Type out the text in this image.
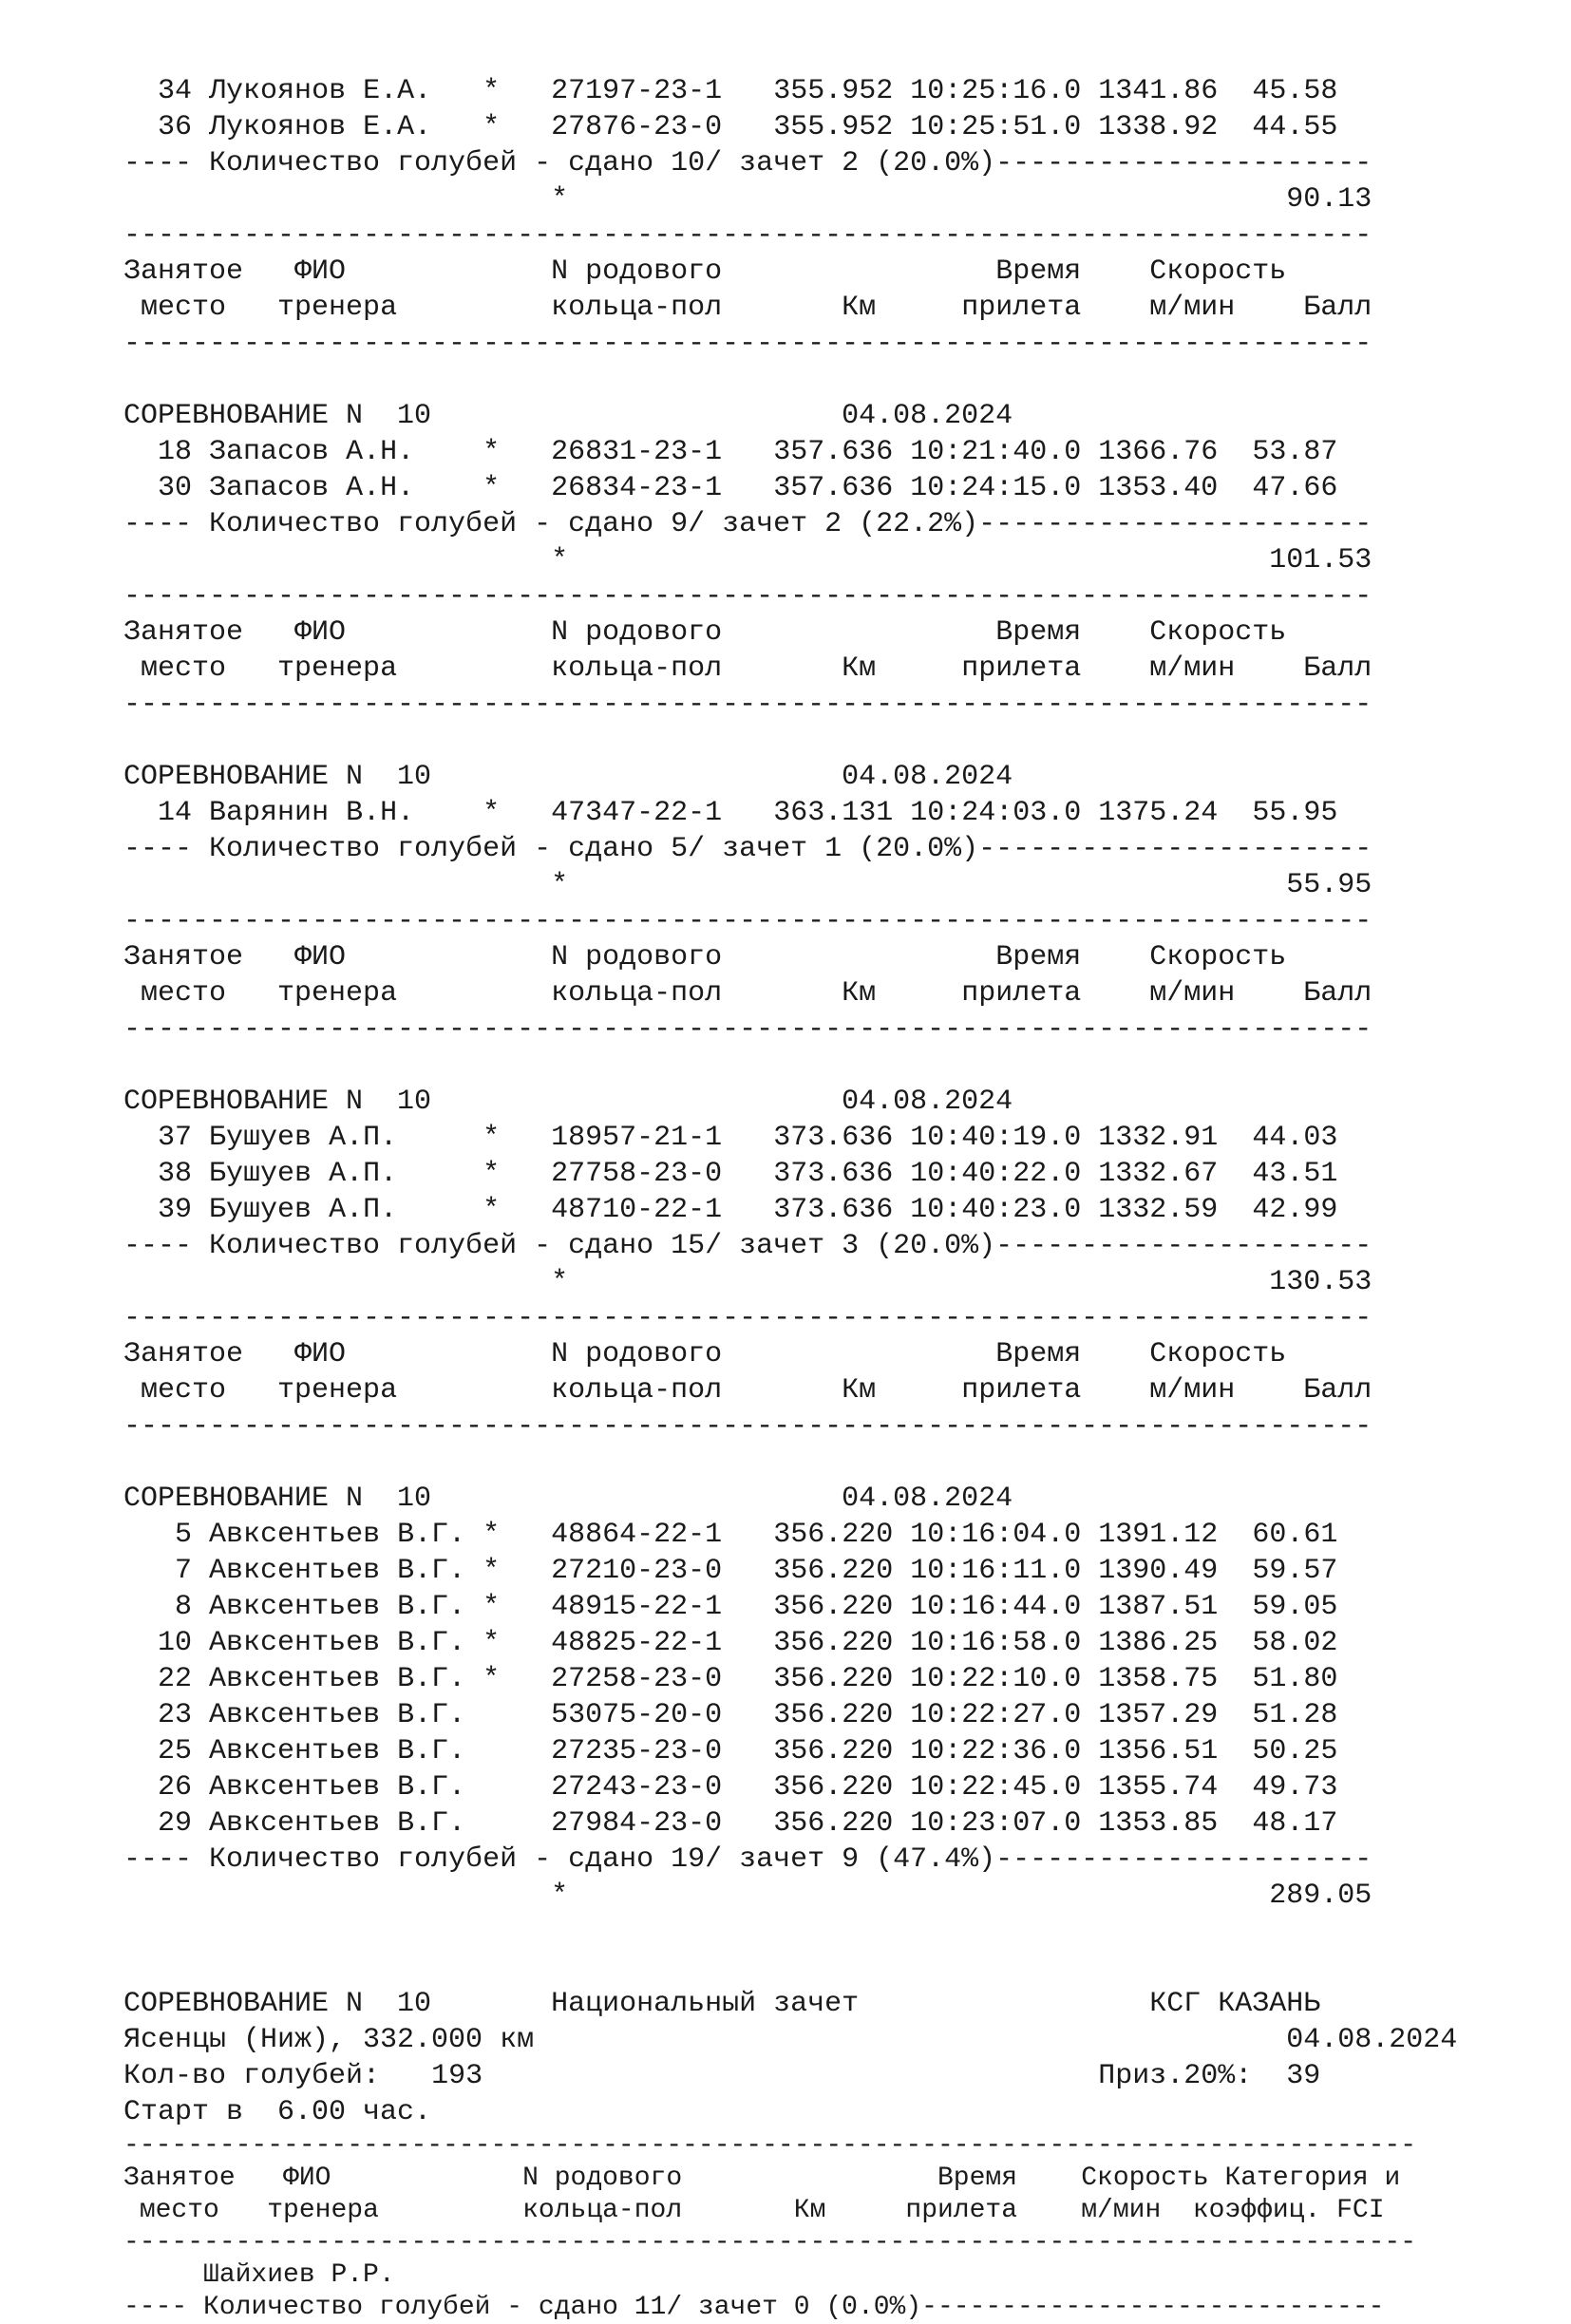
34 Лукоянов Е.А. * 27197-23-1 355.952 10:25:16.0 1341.86 45.58
36 Лукоянов Е.А. * 27876-23-0 355.952 10:25:51.0 1338.92 44.55
---- Количество голубей - сдано 10/ зачет 2 (20.0%)----------------------
*	90.13
-------------------------------------------------------------------------
Занятое ФИО	N родового	Время Скорость
место тренера	кольца-пол	Км	прилета м/мин Балл
-------------------------------------------------------------------------
СОРЕВНОВАНИЕ N  10	04.08.2024
18 Запасов А.Н. * 26831-23-1 357.636 10:21:40.0 1366.76 53.87
30 Запасов А.Н. * 26834-23-1 357.636 10:24:15.0 1353.40 47.66
---- Количество голубей - сдано 9/ зачет 2 (22.2%)-----------------------
*	101.53
-------------------------------------------------------------------------
Занятое ФИО	N родового	Время Скорость
место тренера	кольца-пол	Км	прилета м/мин Балл
-------------------------------------------------------------------------
СОРЕВНОВАНИЕ N  10	04.08.2024
14 Варянин В.Н. * 47347-22-1 363.131 10:24:03.0 1375.24 55.95
---- Количество голубей - сдано 5/ зачет 1 (20.0%)-----------------------
*	55.95
-------------------------------------------------------------------------
Занятое ФИО	N родового	Время Скорость
место тренера	кольца-пол	Км	прилета м/мин Балл
-------------------------------------------------------------------------
СОРЕВНОВАНИЕ N  10	04.08.2024
37 Бушуев А.П.	* 18957-21-1 373.636 10:40:19.0 1332.91 44.03
38 Бушуев А.П.	* 27758-23-0 373.636 10:40:22.0 1332.67 43.51
39 Бушуев А.П.	* 48710-22-1 373.636 10:40:23.0 1332.59 42.99
---- Количество голубей - сдано 15/ зачет 3 (20.0%)----------------------
*	130.53
-------------------------------------------------------------------------
Занятое ФИО	N родового	Время Скорость
место тренера	кольца-пол	Км	прилета м/мин Балл
-------------------------------------------------------------------------
СОРЕВНОВАНИЕ N  10	04.08.2024
5 Авксентьев В.Г. * 48864-22-1 356.220 10:16:04.0 1391.12 60.61
7 Авксентьев В.Г. * 27210-23-0 356.220 10:16:11.0 1390.49 59.57
8 Авксентьев В.Г. * 48915-22-1 356.220 10:16:44.0 1387.51 59.05
10 Авксентьев В.Г. * 48825-22-1 356.220 10:16:58.0 1386.25 58.02
22 Авксентьев В.Г. * 27258-23-0 356.220 10:22:10.0 1358.75 51.80
23 Авксентьев В.Г.	53075-20-0 356.220 10:22:27.0 1357.29 51.28
25 Авксентьев В.Г.	27235-23-0 356.220 10:22:36.0 1356.51 50.25
26 Авксентьев В.Г.	27243-23-0 356.220 10:22:45.0 1355.74 49.73
29 Авксентьев В.Г.	27984-23-0 356.220 10:23:07.0 1353.85 48.17
---- Количество голубей - сдано 19/ зачет 9 (47.4%)----------------------
*	289.05
СОРЕВНОВАНИЕ N  10	Национальный зачет	КСГ КАЗАНЬ
Ясенцы (Ниж), 332.000 км	04.08.2024
Кол-во голубей: 193	Приз.20%: 39
Старт в  6.00 час.
---------------------------------------------------------------------------------
Занятое ФИО	N родового	Время Скорость Категория и
место тренера	кольца-пол	Км	прилета м/мин коэффиц. FCI
---------------------------------------------------------------------------------
Шайхиев Р.Р.
---- Количество голубей - сдано 11/ зачет 0 (0.0%)-----------------------------
